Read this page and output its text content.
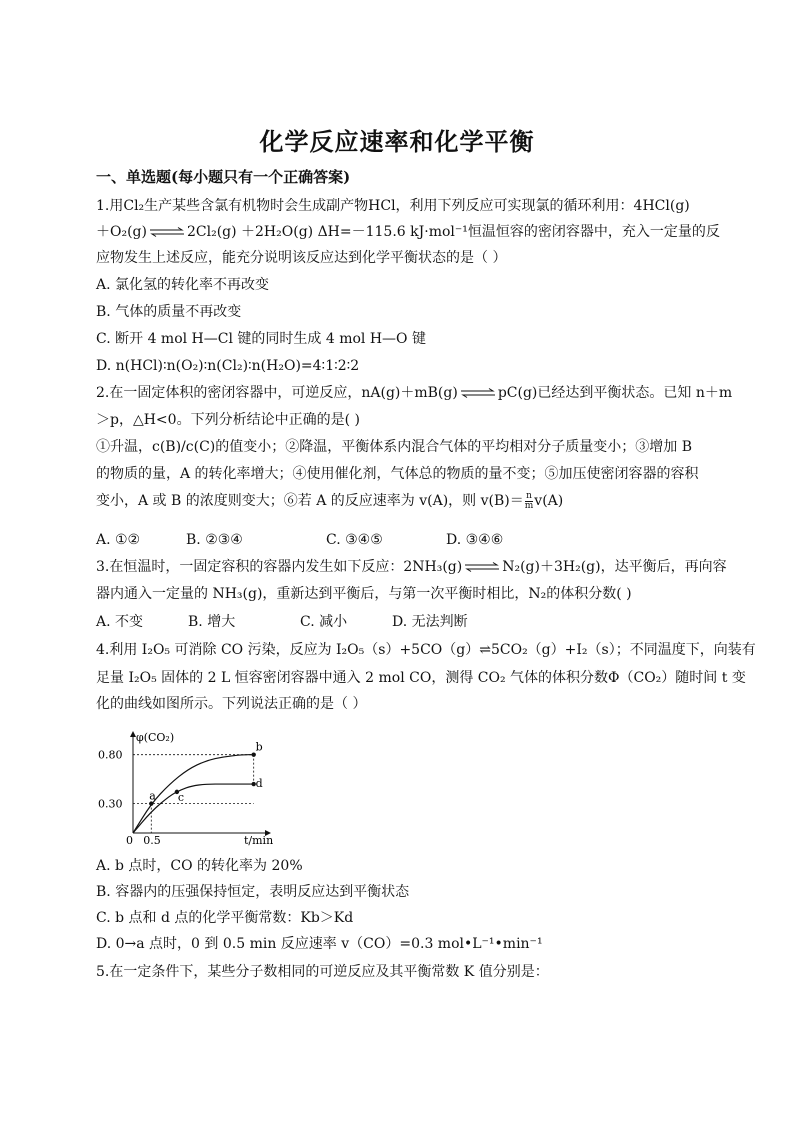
化学反应速率和化学平衡
一、单选题(每小题只有一个正确答案)
1.用Cl₂生产某些含氯有机物时会生成副产物HCl，利用下列反应可实现氯的循环利用：4HCl(g)
＋O₂(g) ⇌ 2Cl₂(g) ＋2H₂O(g) ΔH=－115.6 kJ·mol⁻¹恒温恒容的密闭容器中，充入一定量的反
应物发生上述反应，能充分说明该反应达到化学平衡状态的是（ ）
A. 氯化氢的转化率不再改变
B. 气体的质量不再改变
C. 断开 4 mol H—Cl 键的同时生成 4 mol H—O 键
D. n(HCl)∶n(O₂)∶n(Cl₂)∶n(H₂O)=4∶1∶2∶2
2.在一固定体积的密闭容器中，可逆反应，nA(g)＋mB(g) ⇌ pC(g)已经达到平衡状态。已知 n＋m
＞p，△H<0。下列分析结论中正确的是( )
①升温，c(B)/c(C)的值变小；②降温，平衡体系内混合气体的平均相对分子质量变小；③增加 B
的物质的量，A 的转化率增大；④使用催化剂，气体总的物质的量不变；⑤加压使密闭容器的容积
变小，A 或 B 的浓度则变大；⑥若 A 的反应速率为 v(A)，则 $v(B)= \frac{n}{m} v(A)$
A. ①②	B. ②③④	C. ③④⑤	D. ③④⑥
3.在恒温时，一固定容积的容器内发生如下反应：2NH₃(g) ⇌ N₂(g)＋3H₂(g)，达平衡后，再向容
器内通入一定量的 NH₃(g)，重新达到平衡后，与第一次平衡时相比，N₂的体积分数( )
A. 不变	B. 增大	C. 减小	D. 无法判断
4.利用 I₂O₅ 可消除 CO 污染，反应为 I₂O₅（s）+5CO（g）⇌5CO₂（g）+I₂（s）；不同温度下，向装有
足量 I₂O₅ 固体的 2 L 恒容密闭容器中通入 2 mol CO，测得 CO₂ 气体的体积分数Φ（CO₂）随时间 t 变
化的曲线如图所示。下列说法正确的是（ ）
a
b
c
d
φ(CO₂)
t/min
0
0.30
0.80
0.5
A. b 点时，CO 的转化率为 20%
B. 容器内的压强保持恒定，表明反应达到平衡状态
C. b 点和 d 点的化学平衡常数：Kb＞Kd
D. 0→a 点时，0 到 0.5 min 反应速率 v（CO）=0.3 mol•L⁻¹•min⁻¹
5.在一定条件下，某些分子数相同的可逆反应及其平衡常数 K 值分别是：
